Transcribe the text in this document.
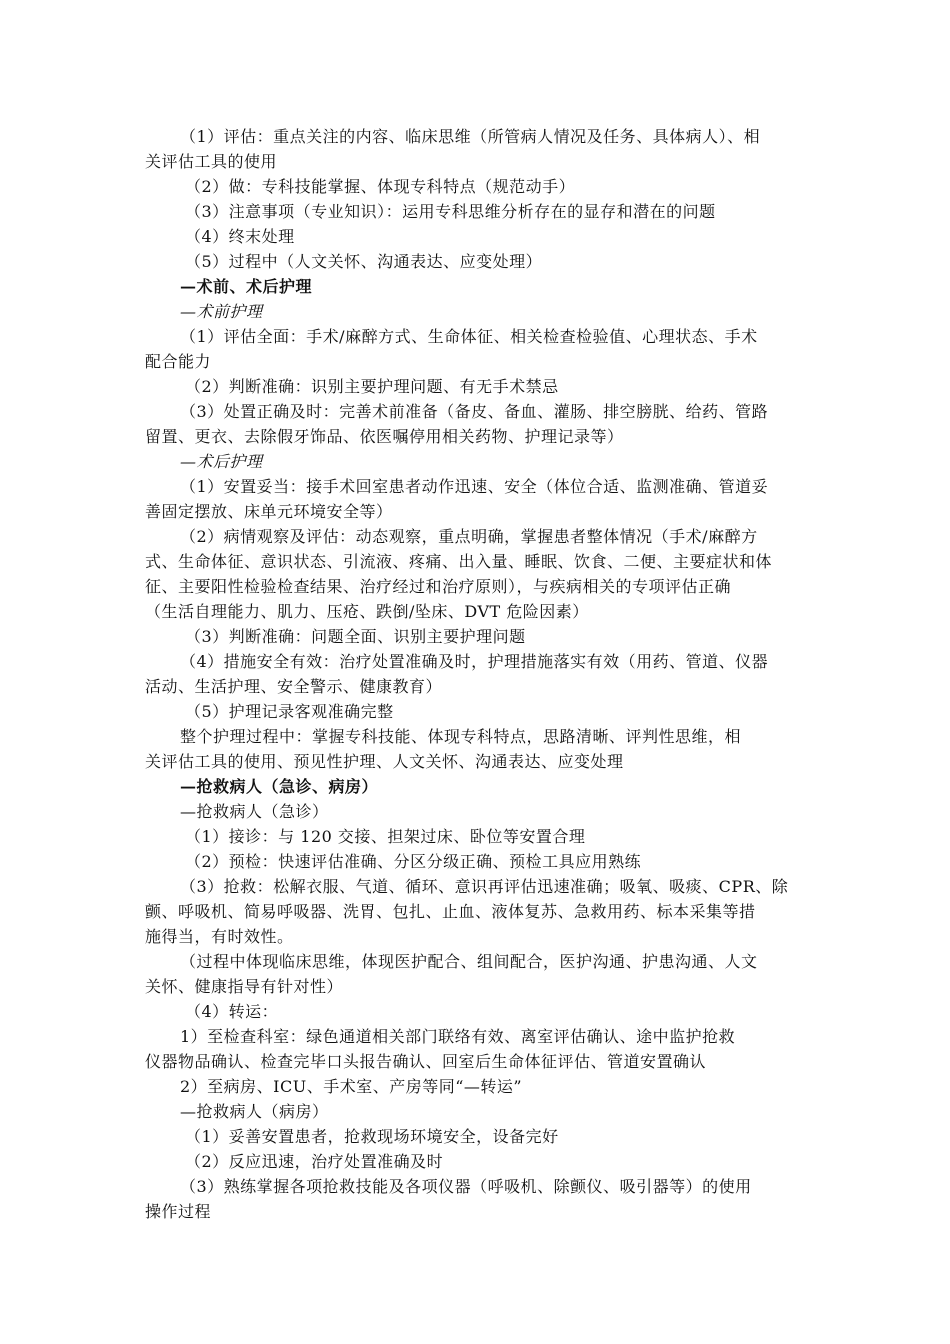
（1）评估：重点关注的内容、临床思维（所管病人情况及任务、具体病人）、相
关评估工具的使用
（2）做：专科技能掌握、体现专科特点（规范动手）
（3）注意事项（专业知识）：运用专科思维分析存在的显存和潜在的问题
（4）终末处理
（5）过程中（人文关怀、沟通表达、应变处理）
—术前、术后护理
—术前护理
（1）评估全面：手术/麻醉方式、生命体征、相关检查检验值、心理状态、手术
配合能力
（2）判断准确：识别主要护理问题、有无手术禁忌
（3）处置正确及时：完善术前准备（备皮、备血、灌肠、排空膀胱、给药、管路
留置、更衣、去除假牙饰品、依医嘱停用相关药物、护理记录等）
—术后护理
（1）安置妥当：接手术回室患者动作迅速、安全（体位合适、监测准确、管道妥
善固定摆放、床单元环境安全等）
（2）病情观察及评估：动态观察，重点明确，掌握患者整体情况（手术/麻醉方
式、生命体征、意识状态、引流液、疼痛、出入量、睡眠、饮食、二便、主要症状和体
征、主要阳性检验检查结果、治疗经过和治疗原则），与疾病相关的专项评估正确
（生活自理能力、肌力、压疮、跌倒/坠床、DVT 危险因素）
（3）判断准确：问题全面、识别主要护理问题
（4）措施安全有效：治疗处置准确及时，护理措施落实有效（用药、管道、仪器
活动、生活护理、安全警示、健康教育）
（5）护理记录客观准确完整
整个护理过程中：掌握专科技能、体现专科特点，思路清晰、评判性思维，相
关评估工具的使用、预见性护理、人文关怀、沟通表达、应变处理
—抢救病人（急诊、病房）
—抢救病人（急诊）
（1）接诊：与 120 交接、担架过床、卧位等安置合理
（2）预检：快速评估准确、分区分级正确、预检工具应用熟练
（3）抢救：松解衣服、气道、循环、意识再评估迅速准确；吸氧、吸痰、CPR、除
颤、呼吸机、简易呼吸器、洗胃、包扎、止血、液体复苏、急救用药、标本采集等措
施得当，有时效性。
（过程中体现临床思维，体现医护配合、组间配合，医护沟通、护患沟通、人文
关怀、健康指导有针对性）
（4）转运：
1）至检查科室：绿色通道相关部门联络有效、离室评估确认、途中监护抢救
仪器物品确认、检查完毕口头报告确认、回室后生命体征评估、管道安置确认
2）至病房、ICU、手术室、产房等同“—转运”
—抢救病人（病房）
（1）妥善安置患者，抢救现场环境安全，设备完好
（2）反应迅速，治疗处置准确及时
（3）熟练掌握各项抢救技能及各项仪器（呼吸机、除颤仪、吸引器等）的使用
操作过程
